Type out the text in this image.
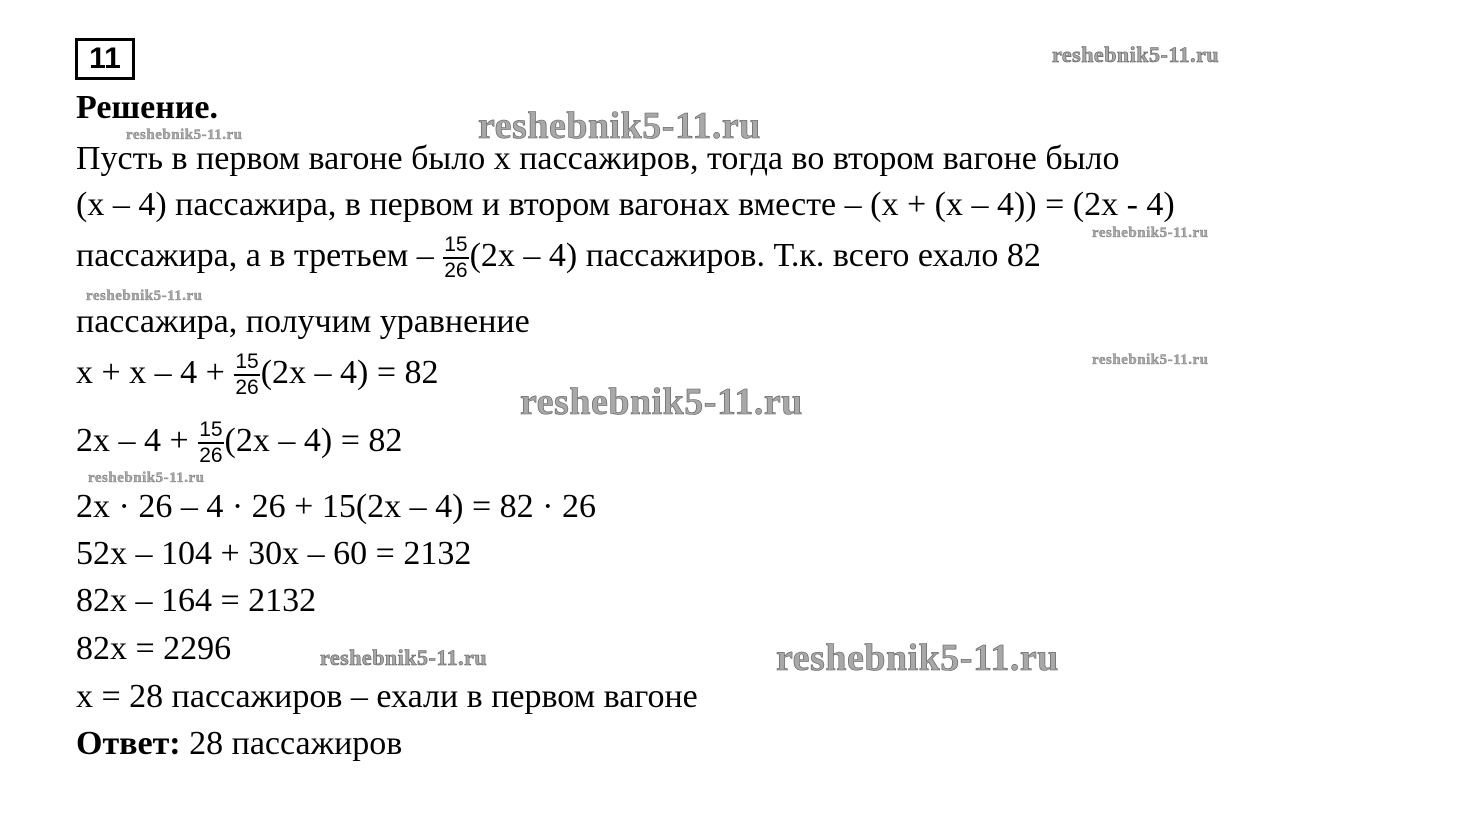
11
Решение.
Пусть в первом вагоне было x пассажиров, тогда во втором вагоне было
(x – 4) пассажира, в первом и втором вагонах вместе – (x + (x – 4)) = (2x - 4)
пассажира, а в третьем – $\frac{15}{26} (2x - 4)$ пассажиров. Т.к. всего ехало 82
пассажира, получим уравнение
$x + x - 4 + \frac{15}{26} (2x - 4) = 82$
$2x - 4 + \frac{15}{26} (2x - 4) = 82$
2x · 26 – 4 · 26 + 15(2x – 4) = 82 · 26
52x – 104 + 30x – 60 = 2132
82x – 164 = 2132
82x = 2296
x = 28 пассажиров – ехали в первом вагоне
Ответ: 28 пассажиров
reshebnik5-11.ru
reshebnik5-11.ru
reshebnik5-11.ru
reshebnik5-11.ru
reshebnik5-11.ru
reshebnik5-11.ru
reshebnik5-11.ru
reshebnik5-11.ru
reshebnik5-11.ru	reshebnik5-11.ru
